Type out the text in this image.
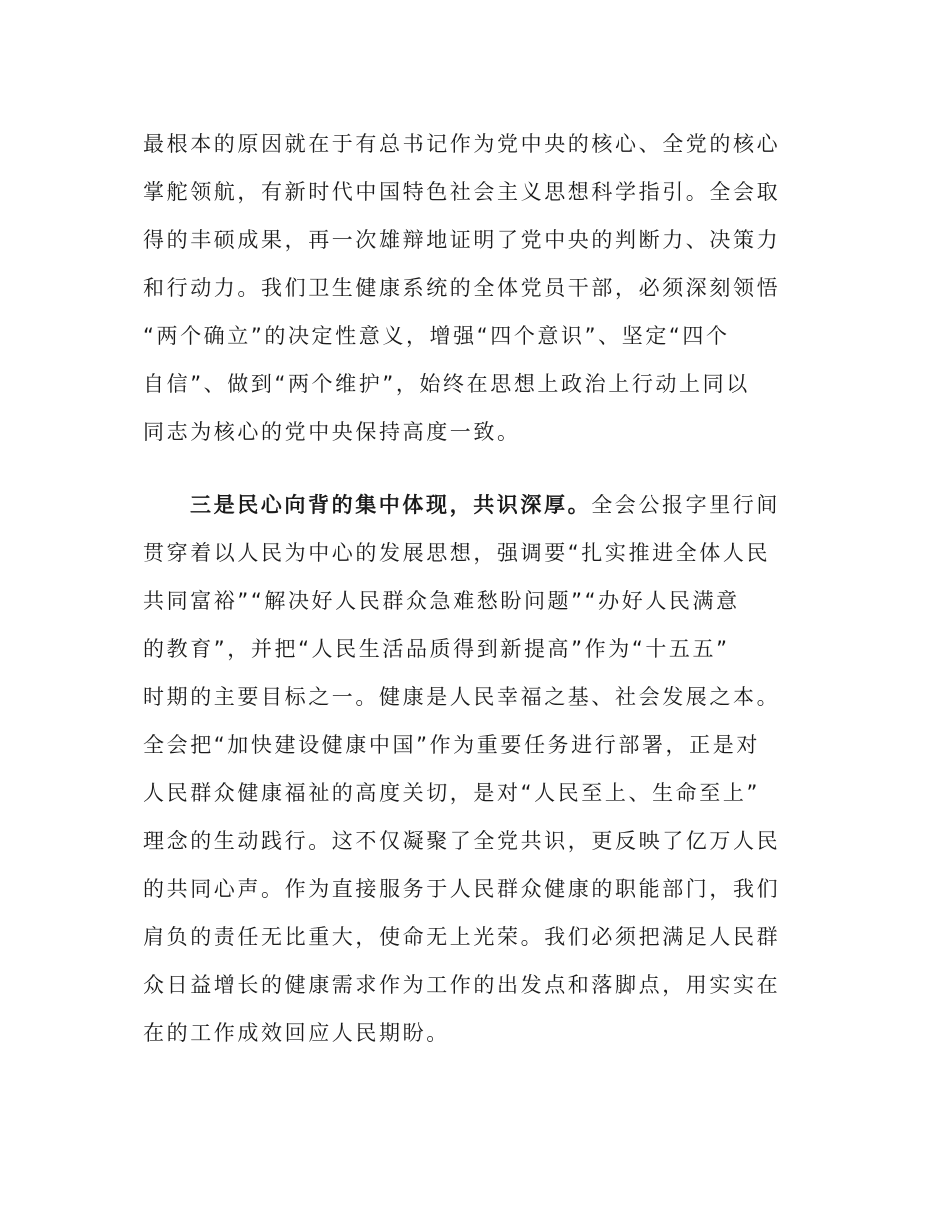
最根本的原因就在于有总书记作为党中央的核心、全党的核心
掌舵领航，有新时代中国特色社会主义思想科学指引。全会取
得的丰硕成果，再一次雄辩地证明了党中央的判断力、决策力
和行动力。我们卫生健康系统的全体党员干部，必须深刻领悟
“两个确立”的决定性意义，增强“四个意识”、坚定“四个
自信”、做到“两个维护”，始终在思想上政治上行动上同以
同志为核心的党中央保持高度一致。
三是民心向背的集中体现，共识深厚。全会公报字里行间
贯穿着以人民为中心的发展思想，强调要“扎实推进全体人民
共同富裕”“解决好人民群众急难愁盼问题”“办好人民满意
的教育”，并把“人民生活品质得到新提高”作为“十五五”
时期的主要目标之一。健康是人民幸福之基、社会发展之本。
全会把“加快建设健康中国”作为重要任务进行部署，正是对
人民群众健康福祉的高度关切，是对“人民至上、生命至上”
理念的生动践行。这不仅凝聚了全党共识，更反映了亿万人民
的共同心声。作为直接服务于人民群众健康的职能部门，我们
肩负的责任无比重大，使命无上光荣。我们必须把满足人民群
众日益增长的健康需求作为工作的出发点和落脚点，用实实在
在的工作成效回应人民期盼。
